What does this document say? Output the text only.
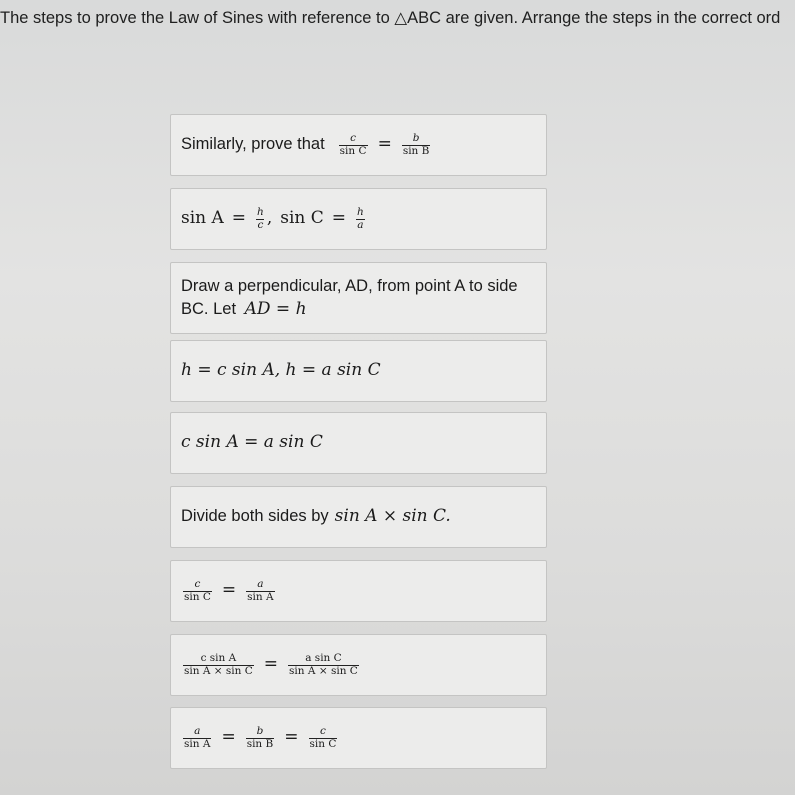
The steps to prove the Law of Sines with reference to △ABC are given. Arrange the steps in the correct ord
Similarly, prove that $\frac{c}{\text{sin C}} = \frac{b}{\text{sin B}}$
$\sin A = \frac{h}{c}$ , $\sin C = \frac{h}{a}$
Draw a perpendicular, AD, from point A to side BC. Let AD = h
h = c sin A, h = a sin C
c sin A = a sin C
Divide both sides by sin A × sin C.
$\frac{c}{\text{sin C}} = \frac{a}{\text{sin A}}$
$\frac{\text{c sin A}}{\text{sin A × sin C}} = \frac{\text{a sin C}}{\text{sin A × sin C}}$
$\frac{a}{\text{sin A}} = \frac{b}{\text{sin B}} = \frac{c}{\text{sin C}}$
